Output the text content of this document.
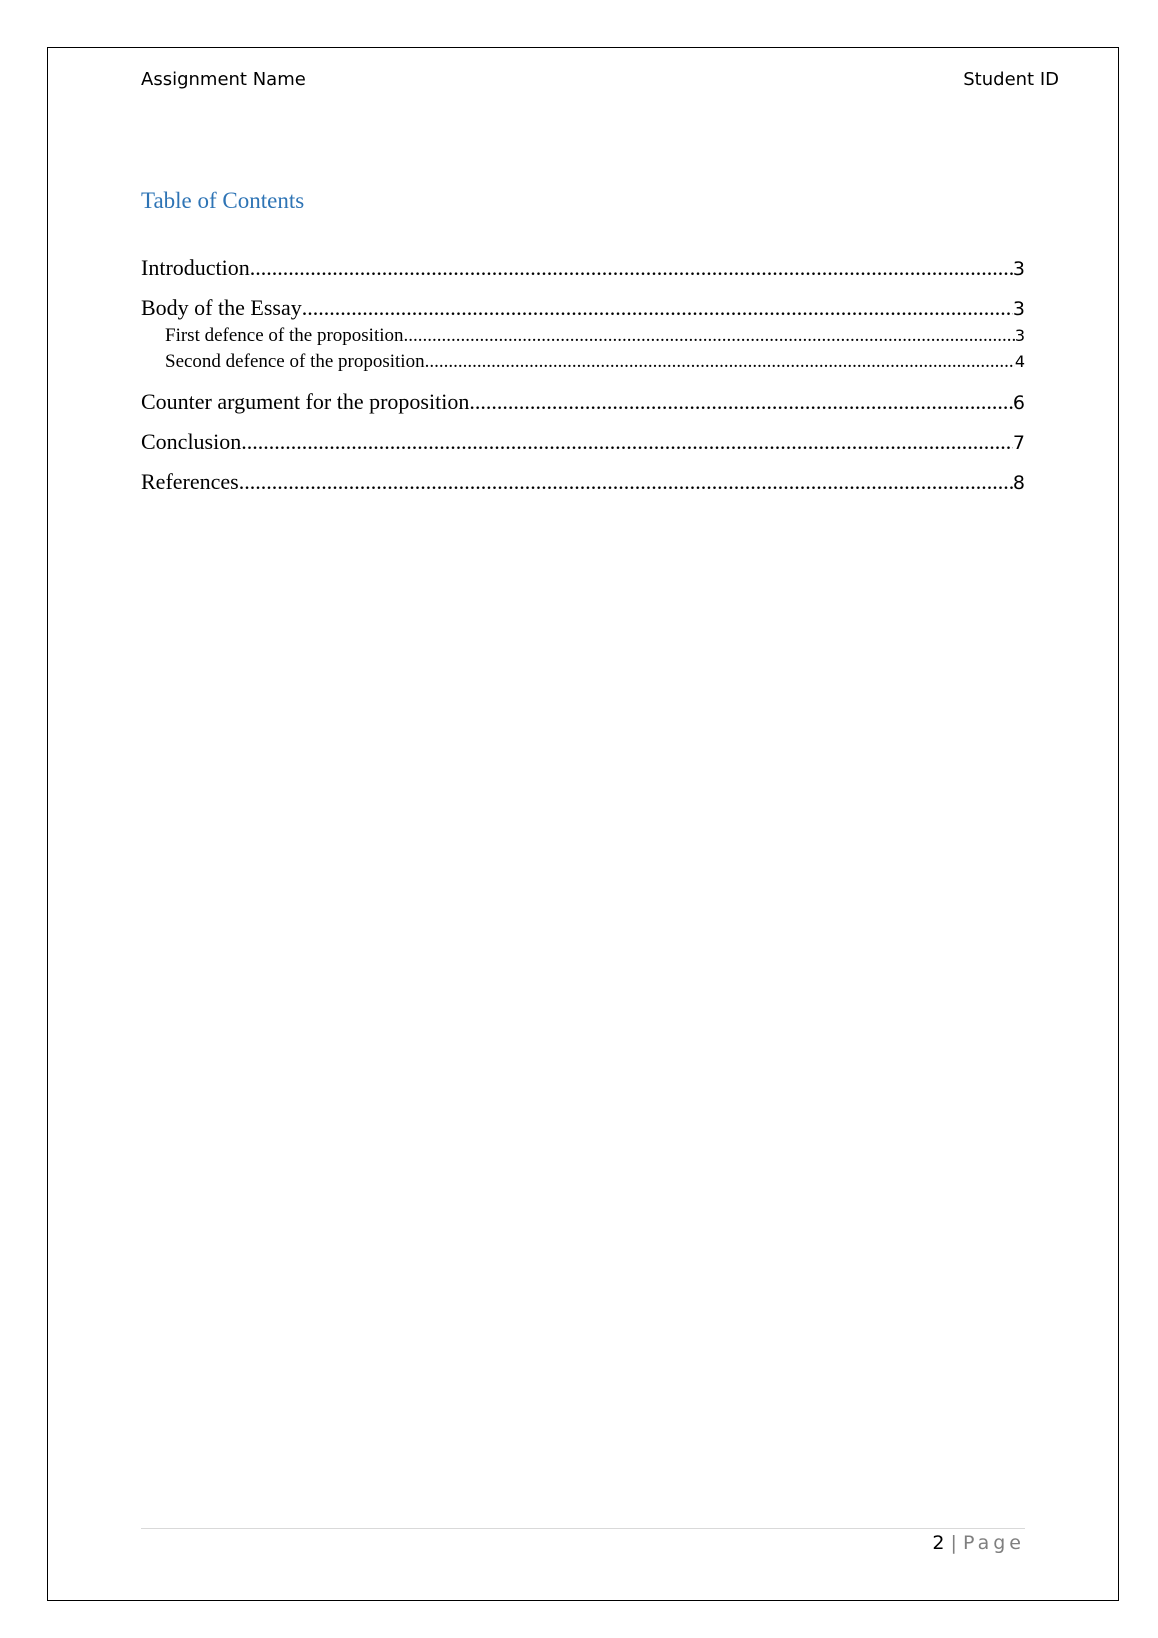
Assignment Name	Student ID
Table of Contents
Introduction .....	3
Body of the Essay .....	3
First defence of the proposition .....	3
Second defence of the proposition .....	4
Counter argument for the proposition .....	6
Conclusion .....	7
References .....	8
2 | Page
